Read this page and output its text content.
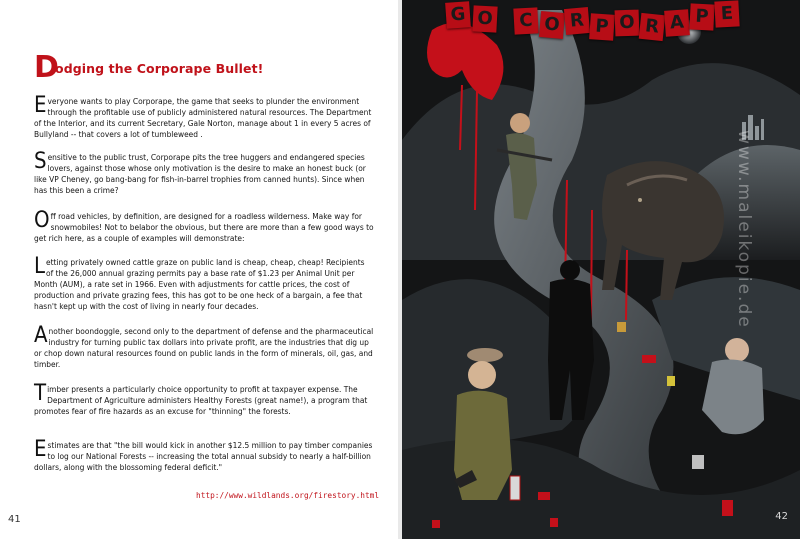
D
odging the Corporape Bullet!

Everyone wants to play Corporape, the game that seeks to plunder the environment through the profitable use of publicly administered natural resources. The Department of the Interior, and its current Secretary, Gale Norton, manage about 1 in every 5 acres of Bullyland -- that covers a lot of tumbleweed .

Sensitive to the public trust, Corporape pits the tree huggers and endangered species lovers, against those whose only motivation is the desire to make an honest buck (or like VP Cheney, go bang-bang for fish-in-barrel trophies from canned hunts). Since when has this been a crime?

Off road vehicles, by definition, are designed for a roadless wilderness. Make way for snowmobiles! Not to belabor the obvious, but there are more than a few good ways to get rich here, as a couple of examples will demonstrate:

Letting privately owned cattle graze on public land is cheap, cheap, cheap! Recipients of the 26,000 annual grazing permits pay a base rate of $1.23 per Animal Unit per Month (AUM), a rate set in 1966. Even with adjustments for cattle prices, the cost of production and private grazing fees, this has got to be one heck of a bargain, a fee that hasn't kept up with the cost of living in nearly four decades.

Another boondoggle, second only to the department of defense and the pharmaceutical industry for turning public tax dollars into private profit, are the industries that dig up or chop down natural resources found on public lands in the form of minerals, oil, gas, and timber.

Timber presents a particularly choice opportunity to profit at taxpayer expense. The Department of Agriculture administers Healthy Forests (great name!), a program that promotes fear of fire hazards as an excuse for "thinning" the forests.

Estimates are that "the bill would kick in another $12.5 million to pay timber companies to log our National Forests -- increasing the total annual subsidy to nearly a half-billion dollars, along with the blossoming federal deficit."

http://www.wildlands.org/firestory.html
41
G O	C O R P O R A P E
www.maleikopie.de
42
